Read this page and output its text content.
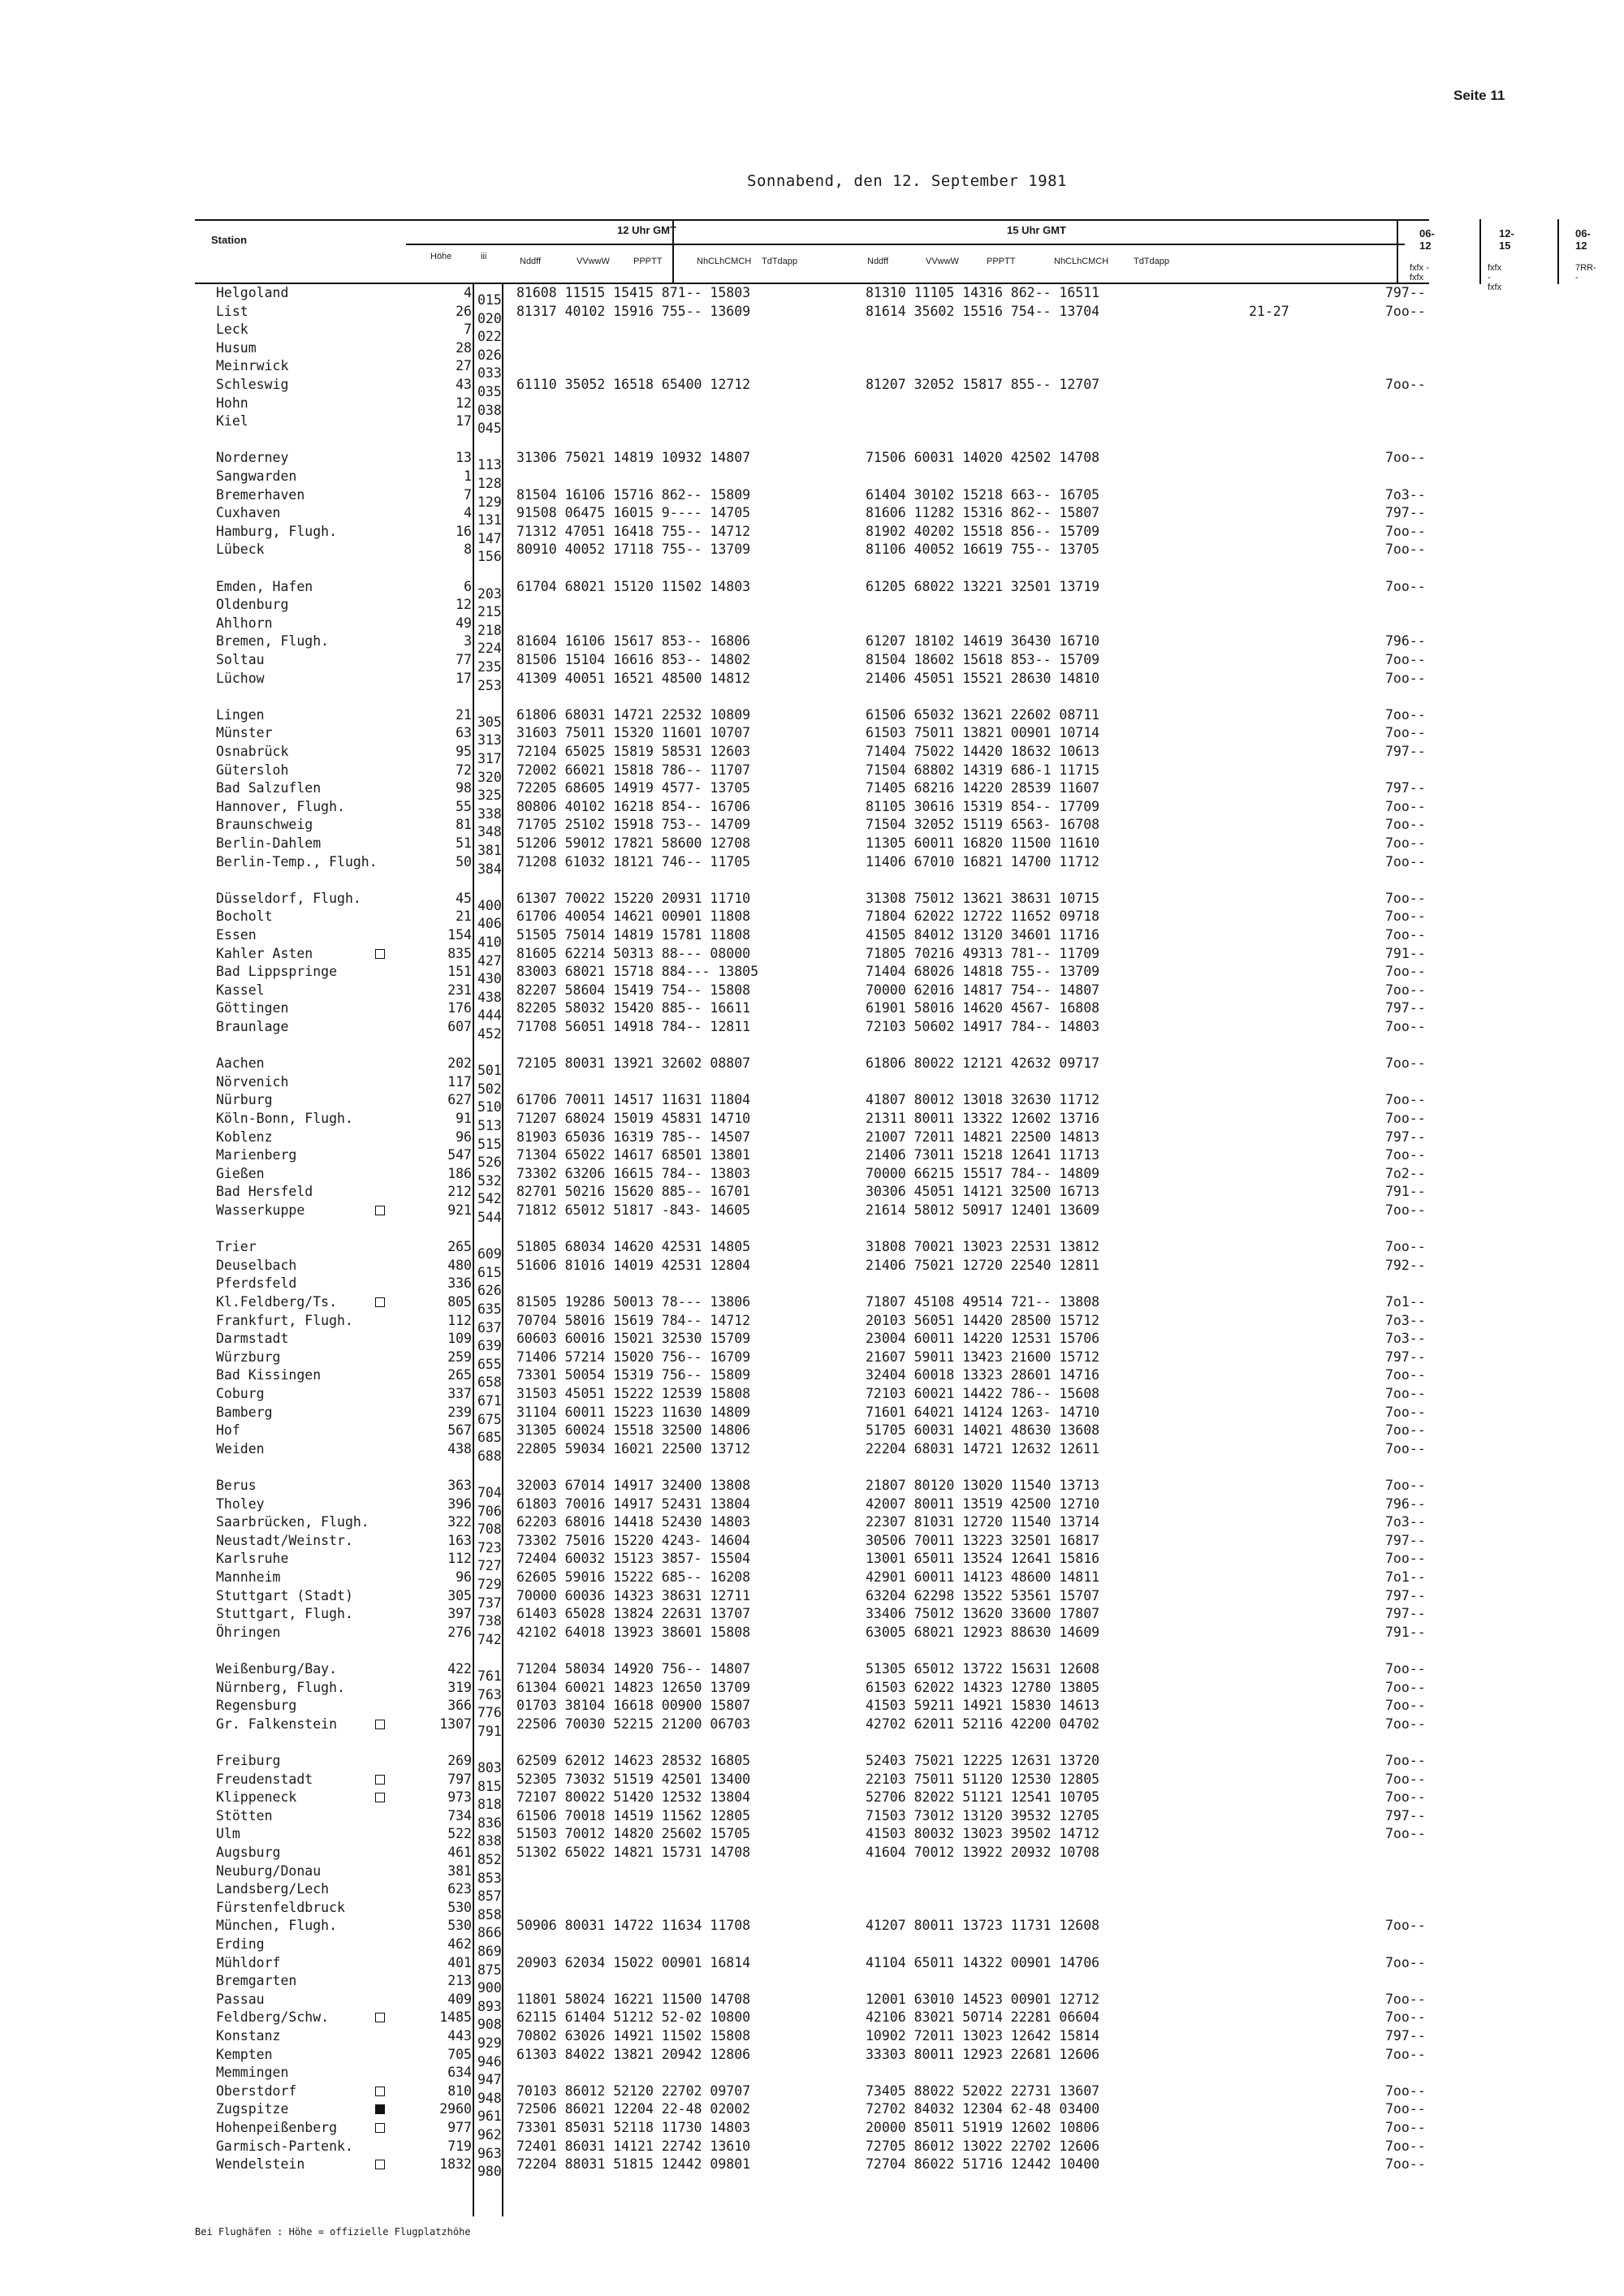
Seite 11
Sonnabend, den 12. September 1981
Station
Höhe	iii
12 Uhr GMT	15 Uhr GMT
Nddff	VVwwW	PPPTT	NhCLhCMCH TdTdapp	Nddff	VVwwW	PPPTT	NhCLhCMCH	TdTdapp
06-12
12-15
06-12
fxfx - fxfx
fxfx - fxfx
7RR--
Helgoland	4 015 81608 11515 15415 871-- 15803	81310 11105 14316 862-- 16511	797--
List	26 020 81317 40102 15916 755-- 13609	81614 35602 15516 754-- 13704	21-27	7oo--
Leck	7 022
Husum	28 026
Meinrwick	27 033
Schleswig	43 035 61110 35052 16518 65400 12712	81207 32052 15817 855-- 12707	7oo--
Hohn	12 038
Kiel	17 045
Norderney	13 113 31306 75021 14819 10932 14807	71506 60031 14020 42502 14708	7oo--
Sangwarden	1 128
Bremerhaven	7 129 81504 16106 15716 862-- 15809	61404 30102 15218 663-- 16705	7o3--
Cuxhaven	4 131 91508 06475 16015 9---- 14705	81606 11282 15316 862-- 15807	797--
Hamburg, Flugh.	16 147 71312 47051 16418 755-- 14712	81902 40202 15518 856-- 15709	7oo--
Lübeck	8 156 80910 40052 17118 755-- 13709	81106 40052 16619 755-- 13705	7oo--
Emden, Hafen	6 203 61704 68021 15120 11502 14803	61205 68022 13221 32501 13719	7oo--
Oldenburg	12 215
Ahlhorn	49 218
Bremen, Flugh.	3 224 81604 16106 15617 853-- 16806	61207 18102 14619 36430 16710	796--
Soltau	77 235 81506 15104 16616 853-- 14802	81504 18602 15618 853-- 15709	7oo--
Lüchow	17 253 41309 40051 16521 48500 14812	21406 45051 15521 28630 14810	7oo--
Lingen	21 305 61806 68031 14721 22532 10809	61506 65032 13621 22602 08711	7oo--
Münster	63 313 31603 75011 15320 11601 10707	61503 75011 13821 00901 10714	7oo--
Osnabrück	95 317 72104 65025 15819 58531 12603	71404 75022 14420 18632 10613	797--
Gütersloh	72 320 72002 66021 15818 786-- 11707	71504 68802 14319 686-1 11715
Bad Salzuflen	98 325 72205 68605 14919 4577- 13705	71405 68216 14220 28539 11607	797--
Hannover, Flugh.	55 338 80806 40102 16218 854-- 16706	81105 30616 15319 854-- 17709	7oo--
Braunschweig	81 348 71705 25102 15918 753-- 14709	71504 32052 15119 6563- 16708	7oo--
Berlin-Dahlem	51 381 51206 59012 17821 58600 12708	11305 60011 16820 11500 11610	7oo--
Berlin-Temp., Flugh.	50 384 71208 61032 18121 746-- 11705	11406 67010 16821 14700 11712	7oo--
Düsseldorf, Flugh.	45 400 61307 70022 15220 20931 11710	31308 75012 13621 38631 10715	7oo--
Bocholt	21 406 61706 40054 14621 00901 11808	71804 62022 12722 11652 09718	7oo--
Essen	154 410 51505 75014 14819 15781 11808	41505 84012 13120 34601 11716	7oo--
Kahler Asten	835 427 81605 62214 50313 88--- 08000	71805 70216 49313 781-- 11709	791--
Bad Lippspringe	151 430 83003 68021 15718 884--- 13805	71404 68026 14818 755-- 13709	7oo--
Kassel	231 438 82207 58604 15419 754-- 15808	70000 62016 14817 754-- 14807	7oo--
Göttingen	176 444 82205 58032 15420 885-- 16611	61901 58016 14620 4567- 16808	797--
Braunlage	607 452 71708 56051 14918 784-- 12811	72103 50602 14917 784-- 14803	7oo--
Aachen	202 501 72105 80031 13921 32602 08807	61806 80022 12121 42632 09717	7oo--
Nörvenich	117 502
Nürburg	627 510 61706 70011 14517 11631 11804	41807 80012 13018 32630 11712	7oo--
Köln-Bonn, Flugh.	91 513 71207 68024 15019 45831 14710	21311 80011 13322 12602 13716	7oo--
Koblenz	96 515 81903 65036 16319 785-- 14507	21007 72011 14821 22500 14813	797--
Marienberg	547 526 71304 65022 14617 68501 13801	21406 73011 15218 12641 11713	7oo--
Gießen	186 532 73302 63206 16615 784-- 13803	70000 66215 15517 784-- 14809	7o2--
Bad Hersfeld	212 542 82701 50216 15620 885-- 16701	30306 45051 14121 32500 16713	791--
Wasserkuppe	921 544 71812 65012 51817 -843- 14605	21614 58012 50917 12401 13609	7oo--
Trier	265 609 51805 68034 14620 42531 14805	31808 70021 13023 22531 13812	7oo--
Deuselbach	480 615 51606 81016 14019 42531 12804	21406 75021 12720 22540 12811	792--
Pferdsfeld	336 626
Kl.Feldberg/Ts.	805 635 81505 19286 50013 78--- 13806	71807 45108 49514 721-- 13808	7o1--
Frankfurt, Flugh.	112 637 70704 58016 15619 784-- 14712	20103 56051 14420 28500 15712	7o3--
Darmstadt	109 639 60603 60016 15021 32530 15709	23004 60011 14220 12531 15706	7o3--
Würzburg	259 655 71406 57214 15020 756-- 16709	21607 59011 13423 21600 15712	797--
Bad Kissingen	265 658 73301 50054 15319 756-- 15809	32404 60018 13323 28601 14716	7oo--
Coburg	337 671 31503 45051 15222 12539 15808	72103 60021 14422 786-- 15608	7oo--
Bamberg	239 675 31104 60011 15223 11630 14809	71601 64021 14124 1263- 14710	7oo--
Hof	567 685 31305 60024 15518 32500 14806	51705 60031 14021 48630 13608	7oo--
Weiden	438 688 22805 59034 16021 22500 13712	22204 68031 14721 12632 12611	7oo--
Berus	363 704 32003 67014 14917 32400 13808	21807 80120 13020 11540 13713	7oo--
Tholey	396 706 61803 70016 14917 52431 13804	42007 80011 13519 42500 12710	796--
Saarbrücken, Flugh.	322 708 62203 68016 14418 52430 14803	22307 81031 12720 11540 13714	7o3--
Neustadt/Weinstr.	163 723 73302 75016 15220 4243- 14604	30506 70011 13223 32501 16817	797--
Karlsruhe	112 727 72404 60032 15123 3857- 15504	13001 65011 13524 12641 15816	7oo--
Mannheim	96 729 62605 59016 15222 685-- 16208	42901 60011 14123 48600 14811	7o1--
Stuttgart (Stadt)	305 737 70000 60036 14323 38631 12711	63204 62298 13522 53561 15707	797--
Stuttgart, Flugh.	397 738 61403 65028 13824 22631 13707	33406 75012 13620 33600 17807	797--
Öhringen	276 742 42102 64018 13923 38601 15808	63005 68021 12923 88630 14609	791--
Weißenburg/Bay.	422 761 71204 58034 14920 756-- 14807	51305 65012 13722 15631 12608	7oo--
Nürnberg, Flugh.	319 763 61304 60021 14823 12650 13709	61503 62022 14323 12780 13805	7oo--
Regensburg	366 776 01703 38104 16618 00900 15807	41503 59211 14921 15830 14613	7oo--
Gr. Falkenstein	1307 791 22506 70030 52215 21200 06703	42702 62011 52116 42200 04702	7oo--
Freiburg	269 803 62509 62012 14623 28532 16805	52403 75021 12225 12631 13720	7oo--
Freudenstadt	797 815 52305 73032 51519 42501 13400	22103 75011 51120 12530 12805	7oo--
Klippeneck	973 818 72107 80022 51420 12532 13804	52706 82022 51121 12541 10705	7oo--
Stötten	734 836 61506 70018 14519 11562 12805	71503 73012 13120 39532 12705	797--
Ulm	522 838 51503 70012 14820 25602 15705	41503 80032 13023 39502 14712	7oo--
Augsburg	461 852 51302 65022 14821 15731 14708	41604 70012 13922 20932 10708
Neuburg/Donau	381 853
Landsberg/Lech	623 857
Fürstenfeldbruck	530 858
München, Flugh.	530 866 50906 80031 14722 11634 11708	41207 80011 13723 11731 12608	7oo--
Erding	462 869
Mühldorf	401 875 20903 62034 15022 00901 16814	41104 65011 14322 00901 14706	7oo--
Bremgarten	213 900
Passau	409 893 11801 58024 16221 11500 14708	12001 63010 14523 00901 12712	7oo--
Feldberg/Schw.	1485 908 62115 61404 51212 52-02 10800	42106 83021 50714 22281 06604	7oo--
Konstanz	443 929 70802 63026 14921 11502 15808	10902 72011 13023 12642 15814	797--
Kempten	705 946 61303 84022 13821 20942 12806	33303 80011 12923 22681 12606	7oo--
Memmingen	634 947
Oberstdorf	810 948 70103 86012 52120 22702 09707	73405 88022 52022 22731 13607	7oo--
Zugspitze	2960 961 72506 86021 12204 22-48 02002	72702 84032 12304 62-48 03400	7oo--
Hohenpeißenberg	977 962 73301 85031 52118 11730 14803	20000 85011 51919 12602 10806	7oo--
Garmisch-Partenk.	719 963 72401 86031 14121 22742 13610	72705 86012 13022 22702 12606	7oo--
Wendelstein	1832 980 72204 88031 51815 12442 09801	72704 86022 51716 12442 10400	7oo--
Bei Flughäfen : Höhe = offizielle Flugplatzhöhe
